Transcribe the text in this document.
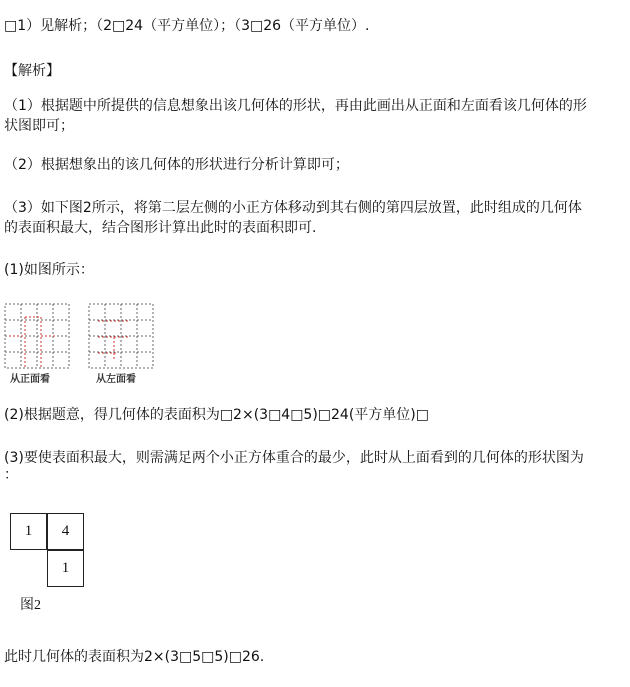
□1）见解析；（2□24（平方单位）；（3□26（平方单位）.
【解析】
（1）根据题中所提供的信息想象出该几何体的形状，再由此画出从正面和左面看该几何体的形
状图即可；
（2）根据想象出的该几何体的形状进行分析计算即可；
（3）如下图2所示，将第二层左侧的小正方体移动到其右侧的第四层放置，此时组成的几何体
的表面积最大，结合图形计算出此时的表面积即可.
(1)如图所示：
从正面看	从左面看
(2)根据题意，得几何体的表面积为□2×(3□4□5)□24(平方单位)□
(3)要使表面积最大，则需满足两个小正方体重合的最少，此时从上面看到的几何体的形状图为
：
1	4
1
图2
此时几何体的表面积为2×(3□5□5)□26.
